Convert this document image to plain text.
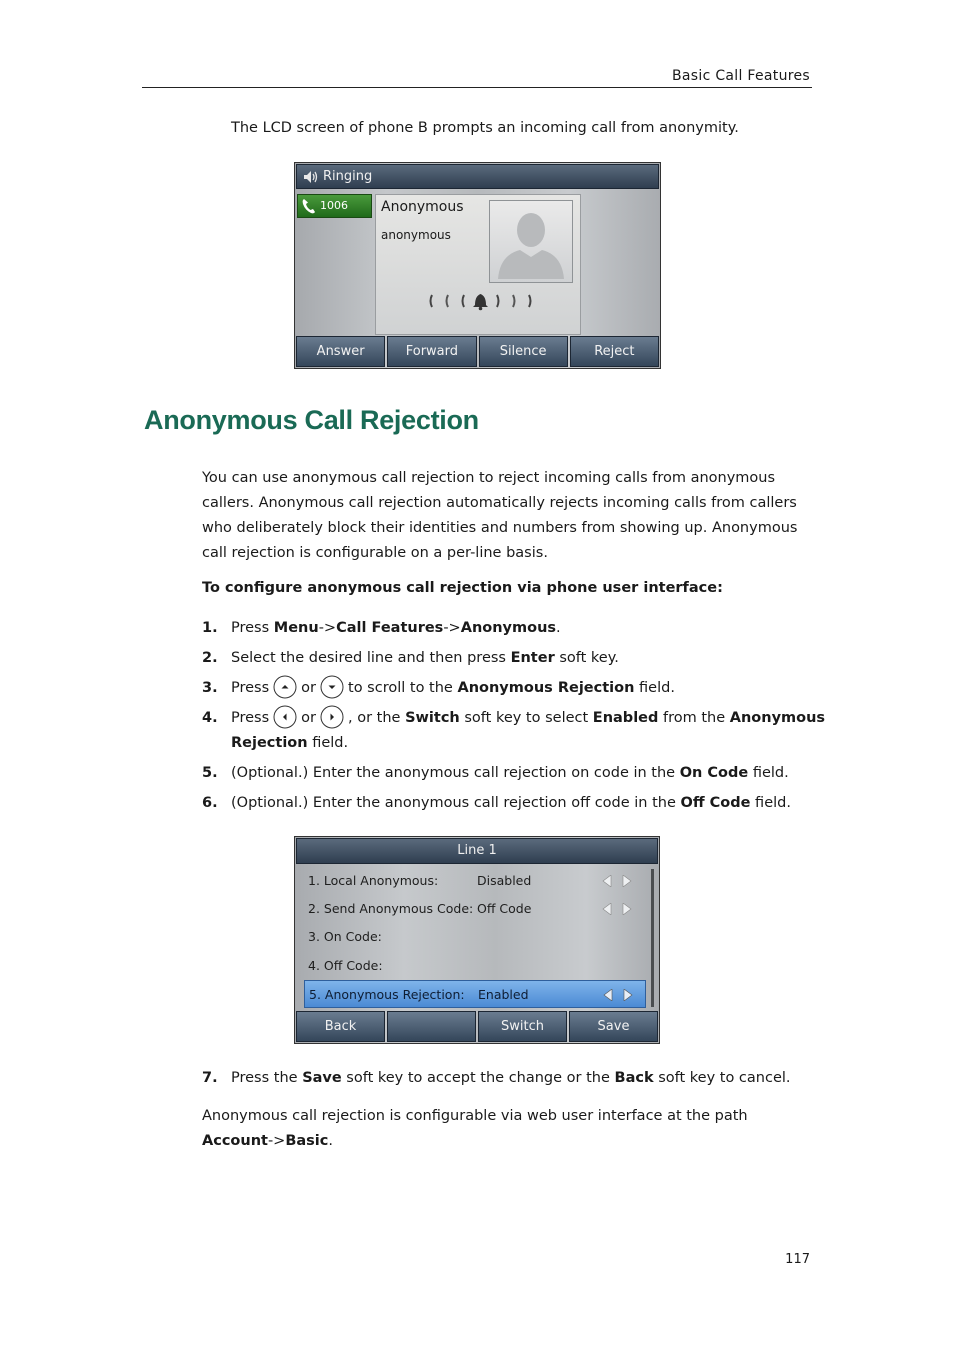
Basic Call Features
The LCD screen of phone B prompts an incoming call from anonymity.
Ringing
1006	Anonymous
anonymous
Answer	Forward	Silence	Reject
Anonymous Call Rejection
You can use anonymous call rejection to reject incoming calls from anonymous callers. Anonymous call rejection automatically rejects incoming calls from callers who deliberately block their identities and numbers from showing up. Anonymous call rejection is configurable on a per-line basis.
To configure anonymous call rejection via phone user interface:
1. Press Menu->Call Features->Anonymous.
2. Select the desired line and then press Enter soft key.
3. Press or to scroll to the Anonymous Rejection field.
4. Press or , or the Switch soft key to select Enabled from the Anonymous
Rejection field.
5. (Optional.) Enter the anonymous call rejection on code in the On Code field.
6. (Optional.) Enter the anonymous call rejection off code in the Off Code field.
Line 1
1. Local Anonymous:	Disabled
2. Send Anonymous Code: Off Code
3. On Code:
4. Off Code:
5. Anonymous Rejection: Enabled
Back	Switch	Save
7. Press the Save soft key to accept the change or the Back soft key to cancel.
Anonymous call rejection is configurable via web user interface at the path
Account->Basic.
117
